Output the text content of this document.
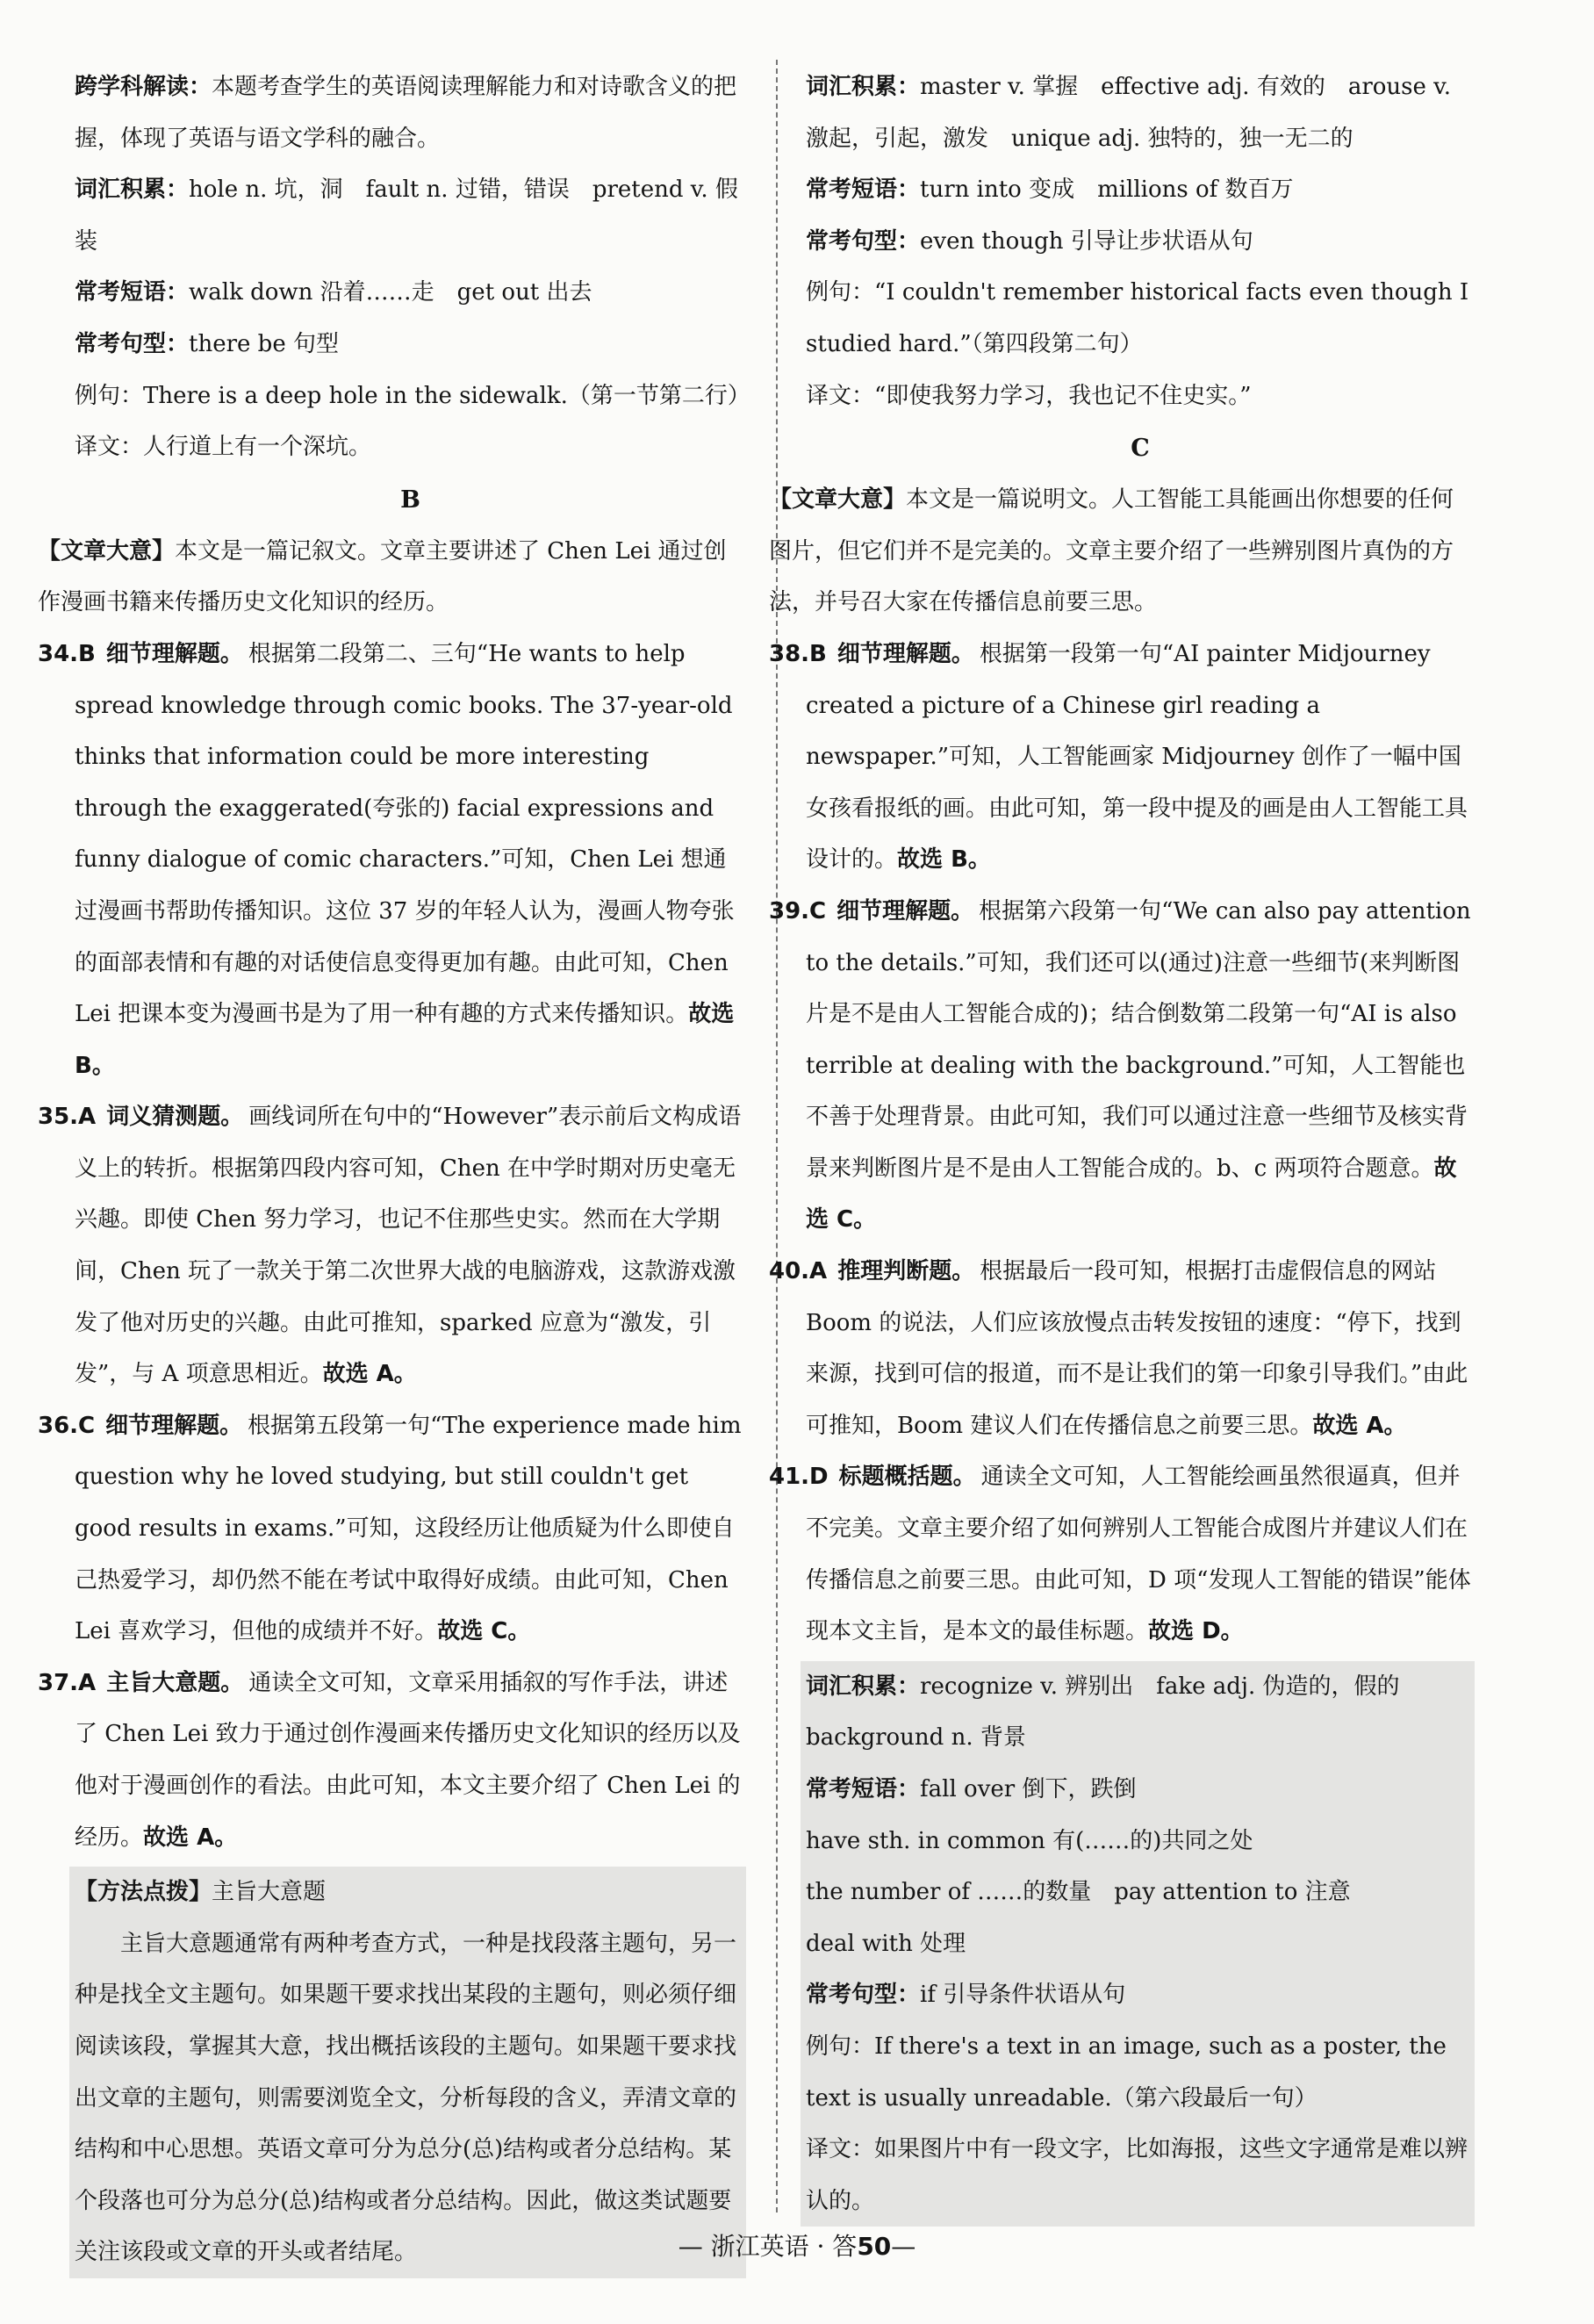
跨学科解读：本题考查学生的英语阅读理解能力和对诗歌含义的把握，体现了英语与语文学科的融合。

词汇积累：hole n. 坑，洞　fault n. 过错，错误　pretend v. 假装

常考短语：walk down 沿着……走　get out 出去

常考句型：there be 句型

例句：There is a deep hole in the sidewalk.（第一节第二行）

译文：人行道上有一个深坑。

B

【文章大意】本文是一篇记叙文。文章主要讲述了 Chen Lei 通过创作漫画书籍来传播历史文化知识的经历。

34.B 细节理解题。 根据第二段第二、三句“He wants to help spread knowledge through comic books. The 37-year-old thinks that information could be more interesting through the exaggerated(夸张的) facial expressions and funny dialogue of comic characters.”可知，Chen Lei 想通过漫画书帮助传播知识。这位 37 岁的年轻人认为，漫画人物夸张的面部表情和有趣的对话使信息变得更加有趣。由此可知，Chen Lei 把课本变为漫画书是为了用一种有趣的方式来传播知识。故选 B。

35.A 词义猜测题。 画线词所在句中的“However”表示前后文构成语义上的转折。根据第四段内容可知，Chen 在中学时期对历史毫无兴趣。即使 Chen 努力学习，也记不住那些史实。然而在大学期间，Chen 玩了一款关于第二次世界大战的电脑游戏，这款游戏激发了他对历史的兴趣。由此可推知，sparked 应意为“激发，引发”，与 A 项意思相近。故选 A。

36.C 细节理解题。 根据第五段第一句“The experience made him question why he loved studying, but still couldn't get good results in exams.”可知，这段经历让他质疑为什么即使自己热爱学习，却仍然不能在考试中取得好成绩。由此可知，Chen Lei 喜欢学习，但他的成绩并不好。故选 C。

37.A 主旨大意题。 通读全文可知，文章采用插叙的写作手法，讲述了 Chen Lei 致力于通过创作漫画来传播历史文化知识的经历以及他对于漫画创作的看法。由此可知，本文主要介绍了 Chen Lei 的经历。故选 A。

【方法点拨】主旨大意题

主旨大意题通常有两种考查方式，一种是找段落主题句，另一种是找全文主题句。如果题干要求找出某段的主题句，则必须仔细阅读该段，掌握其大意，找出概括该段的主题句。如果题干要求找出文章的主题句，则需要浏览全文，分析每段的含义，弄清文章的结构和中心思想。英语文章可分为总分(总)结构或者分总结构。某个段落也可分为总分(总)结构或者分总结构。因此，做这类试题要关注该段或文章的开头或者结尾。

词汇积累：master v. 掌握　effective adj. 有效的　arouse v. 激起，引起，激发　unique adj. 独特的，独一无二的

常考短语：turn into 变成　millions of 数百万

常考句型：even though 引导让步状语从句

例句：“I couldn't remember historical facts even though I studied hard.”（第四段第二句）

译文：“即使我努力学习，我也记不住史实。”

C

【文章大意】本文是一篇说明文。人工智能工具能画出你想要的任何图片，但它们并不是完美的。文章主要介绍了一些辨别图片真伪的方法，并号召大家在传播信息前要三思。

38.B 细节理解题。 根据第一段第一句“AI painter Midjourney created a picture of a Chinese girl reading a newspaper.”可知，人工智能画家 Midjourney 创作了一幅中国女孩看报纸的画。由此可知，第一段中提及的画是由人工智能工具设计的。故选 B。

39.C 细节理解题。 根据第六段第一句“We can also pay attention to the details.”可知，我们还可以(通过)注意一些细节(来判断图片是不是由人工智能合成的)；结合倒数第二段第一句“AI is also terrible at dealing with the background.”可知，人工智能也不善于处理背景。由此可知，我们可以通过注意一些细节及核实背景来判断图片是不是由人工智能合成的。b、c 两项符合题意。故选 C。

40.A 推理判断题。 根据最后一段可知，根据打击虚假信息的网站 Boom 的说法，人们应该放慢点击转发按钮的速度：“停下，找到来源，找到可信的报道，而不是让我们的第一印象引导我们。”由此可推知，Boom 建议人们在传播信息之前要三思。故选 A。

41.D 标题概括题。 通读全文可知，人工智能绘画虽然很逼真，但并不完美。文章主要介绍了如何辨别人工智能合成图片并建议人们在传播信息之前要三思。由此可知，D 项“发现人工智能的错误”能体现本文主旨，是本文的最佳标题。故选 D。

词汇积累：recognize v. 辨别出　fake adj. 伪造的，假的　background n. 背景

常考短语：fall over 倒下，跌倒

have sth. in common 有(……的)共同之处

the number of ……的数量　pay attention to 注意

deal with 处理

常考句型：if 引导条件状语从句

例句：If there's a text in an image, such as a poster, the text is usually unreadable.（第六段最后一句）

译文：如果图片中有一段文字，比如海报，这些文字通常是难以辨认的。

— 浙江英语 · 答50—
